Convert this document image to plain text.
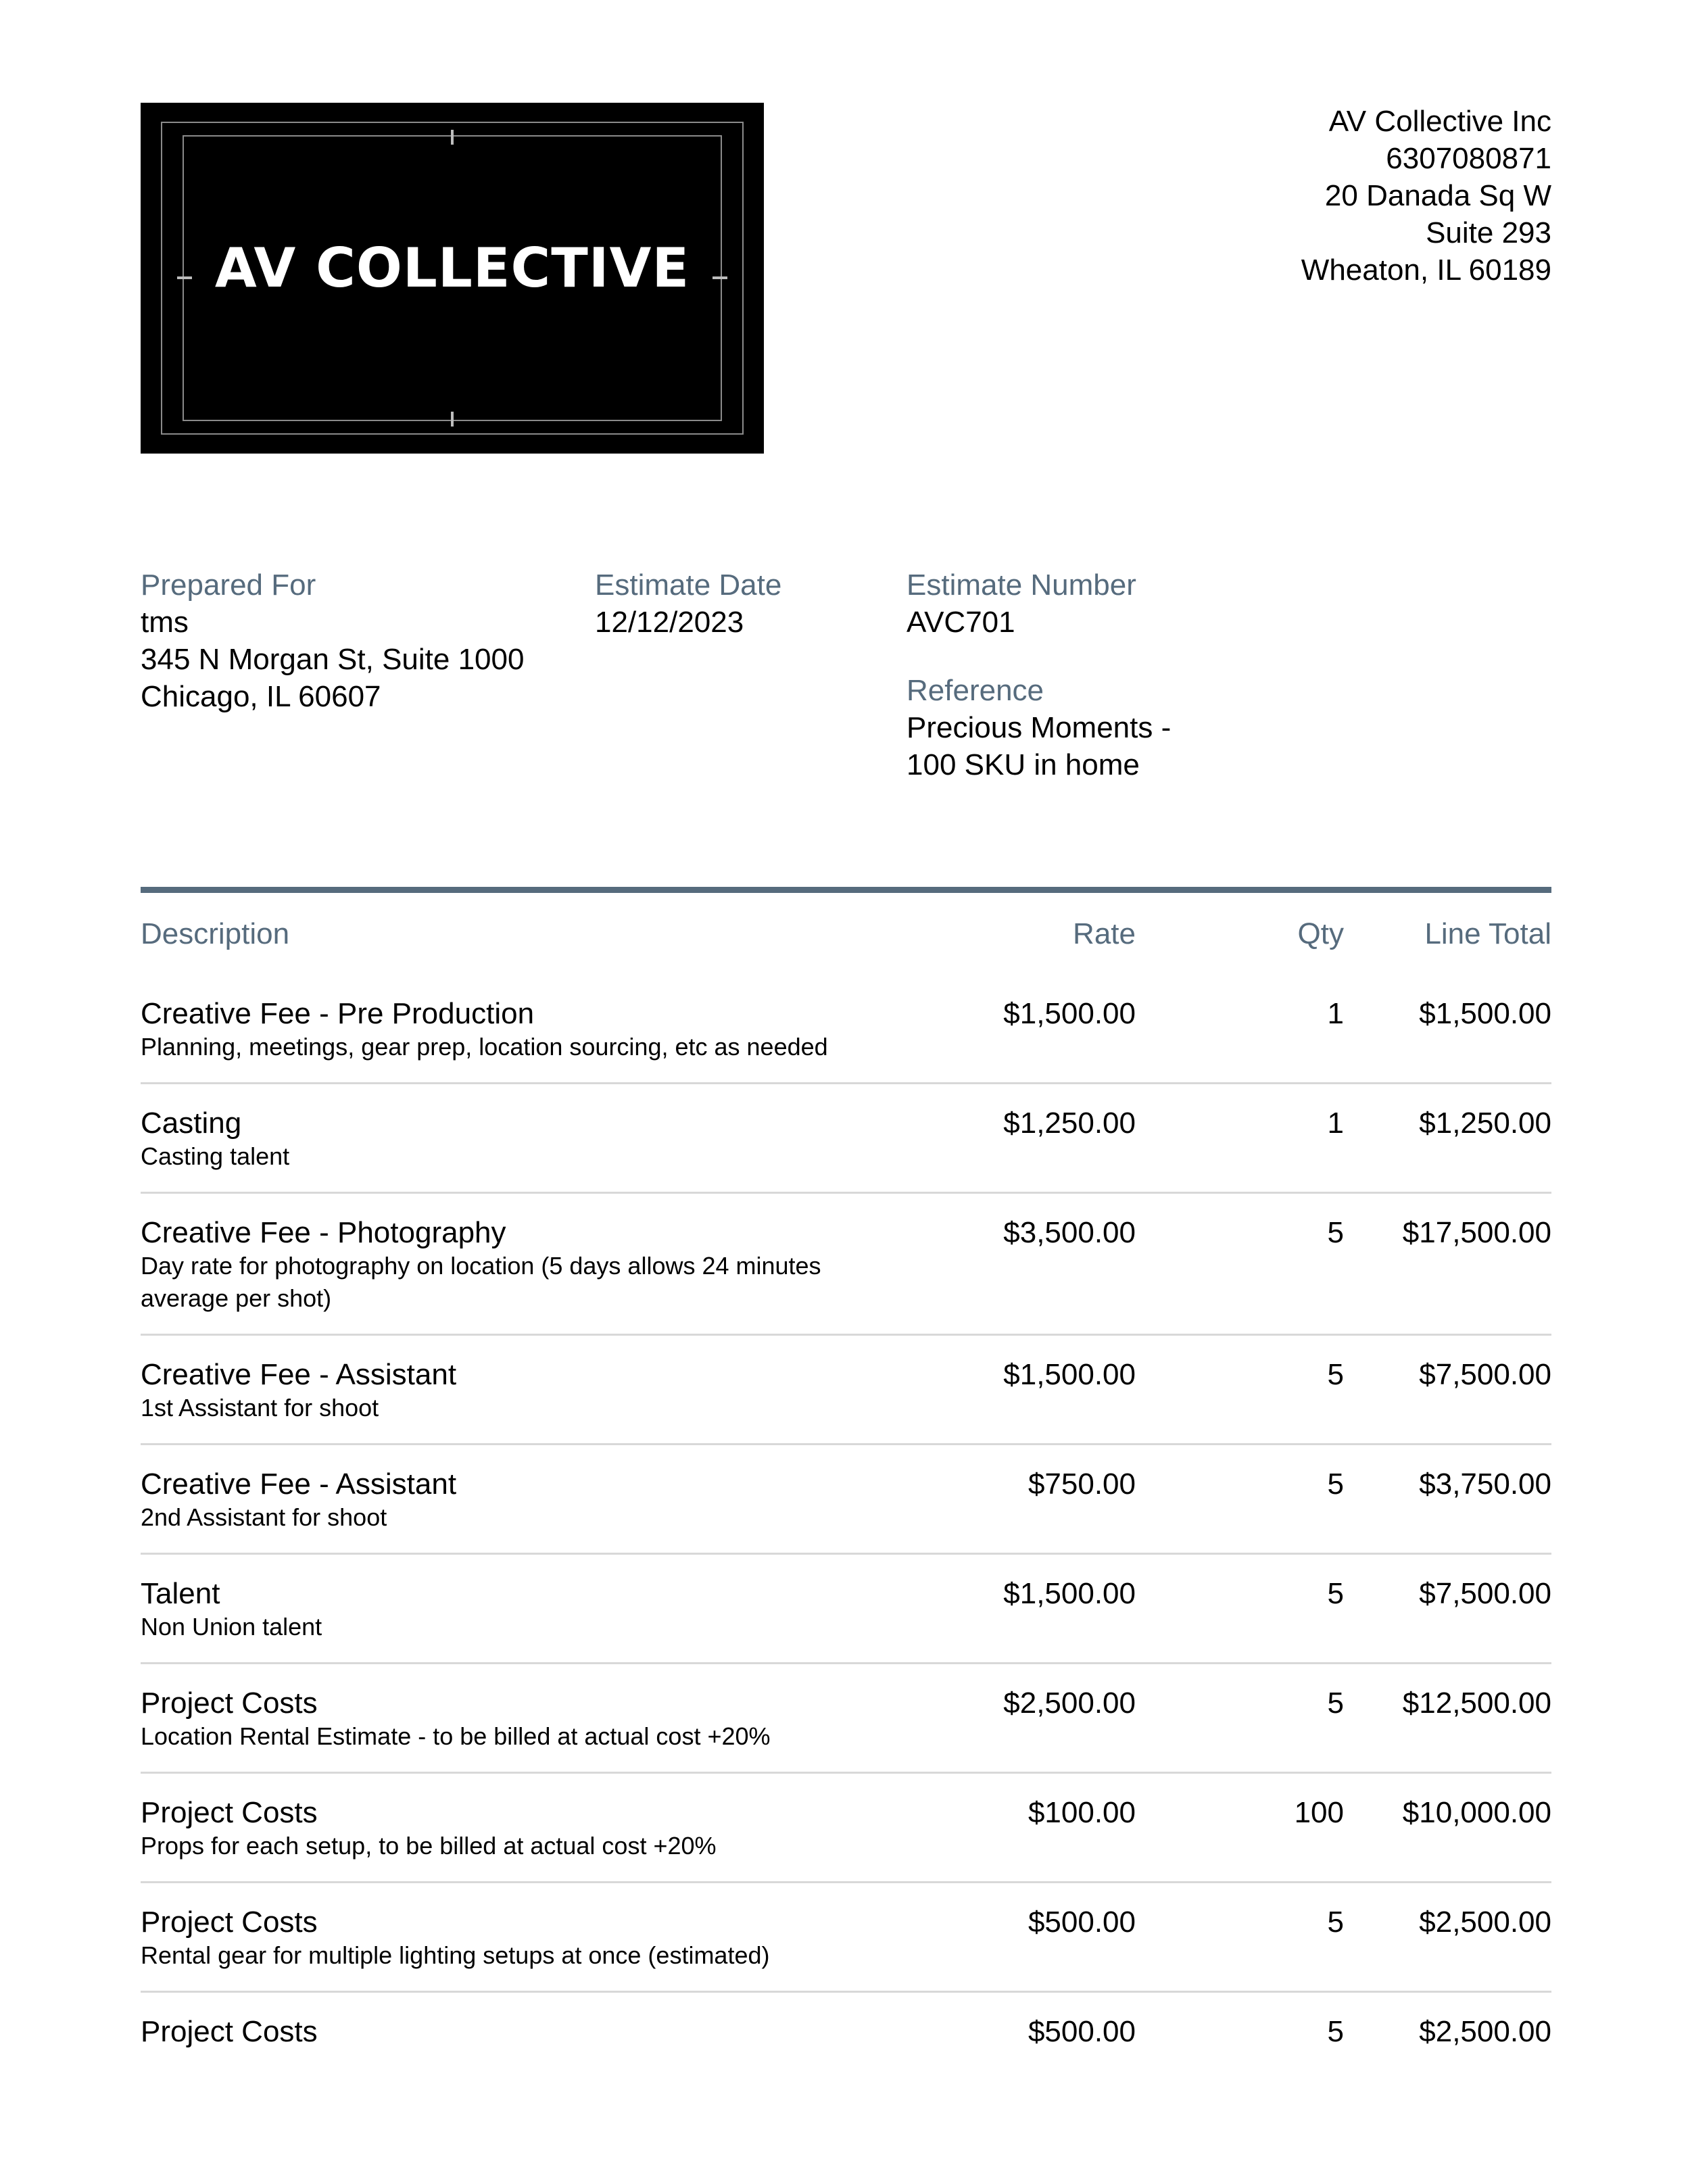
AV COLLECTIVE
AV Collective Inc
6307080871
20 Danada Sq W
Suite 293
Wheaton, IL 60189
Prepared For
tms
345 N Morgan St, Suite 1000
Chicago, IL 60607
Estimate Date
12/12/2023
Estimate Number
AVC701
Reference
Precious Moments -
100 SKU in home
Description	Rate	Qty	Line Total
Creative Fee - Pre Production
Planning, meetings, gear prep, location sourcing, etc as needed
$1,500.00	1	$1,500.00
Casting
Casting talent
$1,250.00	1	$1,250.00
Creative Fee - Photography
Day rate for photography on location (5 days allows 24 minutes average per shot)
$3,500.00	5 $17,500.00
Creative Fee - Assistant
1st Assistant for shoot
$1,500.00	5	$7,500.00
Creative Fee - Assistant
2nd Assistant for shoot
$750.00	5	$3,750.00
Talent
Non Union talent
$1,500.00	5	$7,500.00
Project Costs
Location Rental Estimate - to be billed at actual cost +20%
$2,500.00	5 $12,500.00
Project Costs
Props for each setup, to be billed at actual cost +20%
$100.00	100 $10,000.00
Project Costs
Rental gear for multiple lighting setups at once (estimated)
$500.00	5	$2,500.00
Project Costs	$500.00	5	$2,500.00
